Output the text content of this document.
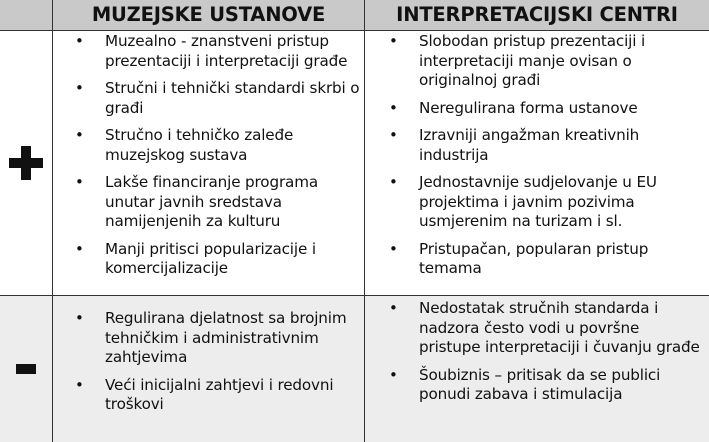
MUZEJSKE USTANOVE	INTERPRETACIJSKI CENTRI
• Muzealno - znanstveni pristup prezentaciji i interpretaciji građe
• Stručni i tehnički standardi skrbi o građi
• Stručno i tehničko zaleđe muzejskog sustava
• Lakše financiranje programa unutar javnih sredstava namijenjenih za kulturu
• Manji pritisci popularizacije i komercijalizacije
• Slobodan pristup prezentaciji i interpretaciji manje ovisan o originalnoj građi
• Neregulirana forma ustanove
• Izravniji angažman kreativnih industrija
• Jednostavnije sudjelovanje u EU projektima i javnim pozivima usmjerenim na turizam i sl.
• Pristupačan, popularan pristup temama
• Regulirana djelatnost sa brojnim tehničkim i administrativnim zahtjevima
• Veći inicijalni zahtjevi i redovni troškovi
• Nedostatak stručnih standarda i nadzora često vodi u površne pristupe interpretaciji i čuvanju građe
• Šoubiznis – pritisak da se publici ponudi zabava i stimulacija
